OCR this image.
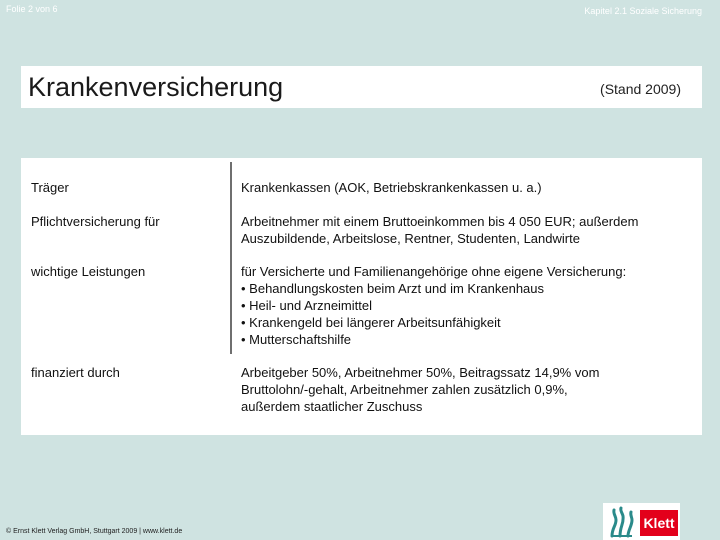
Folie 2 von 6	Kapitel 2.1 Soziale Sicherung
Krankenversicherung	(Stand 2009)
Träger	Krankenkassen (AOK, Betriebskrankenkassen u. a.)
Pflichtversicherung für	Arbeitnehmer mit einem Bruttoeinkommen bis 4 050 EUR; außerdem
Auszubildende, Arbeitslose, Rentner, Studenten, Landwirte
wichtige Leistungen	für Versicherte und Familienangehörige ohne eigene Versicherung:
• Behandlungskosten beim Arzt und im Krankenhaus
• Heil- und Arzneimittel
• Krankengeld bei längerer Arbeitsunfähigkeit
• Mutterschaftshilfe
finanziert durch	Arbeitgeber 50%, Arbeitnehmer 50%, Beitragssatz 14,9% vom
Bruttolohn/-gehalt, Arbeitnehmer zahlen zusätzlich 0,9%,
außerdem staatlicher Zuschuss
© Ernst Klett Verlag GmbH, Stuttgart 2009 | www.klett.de
Klett
